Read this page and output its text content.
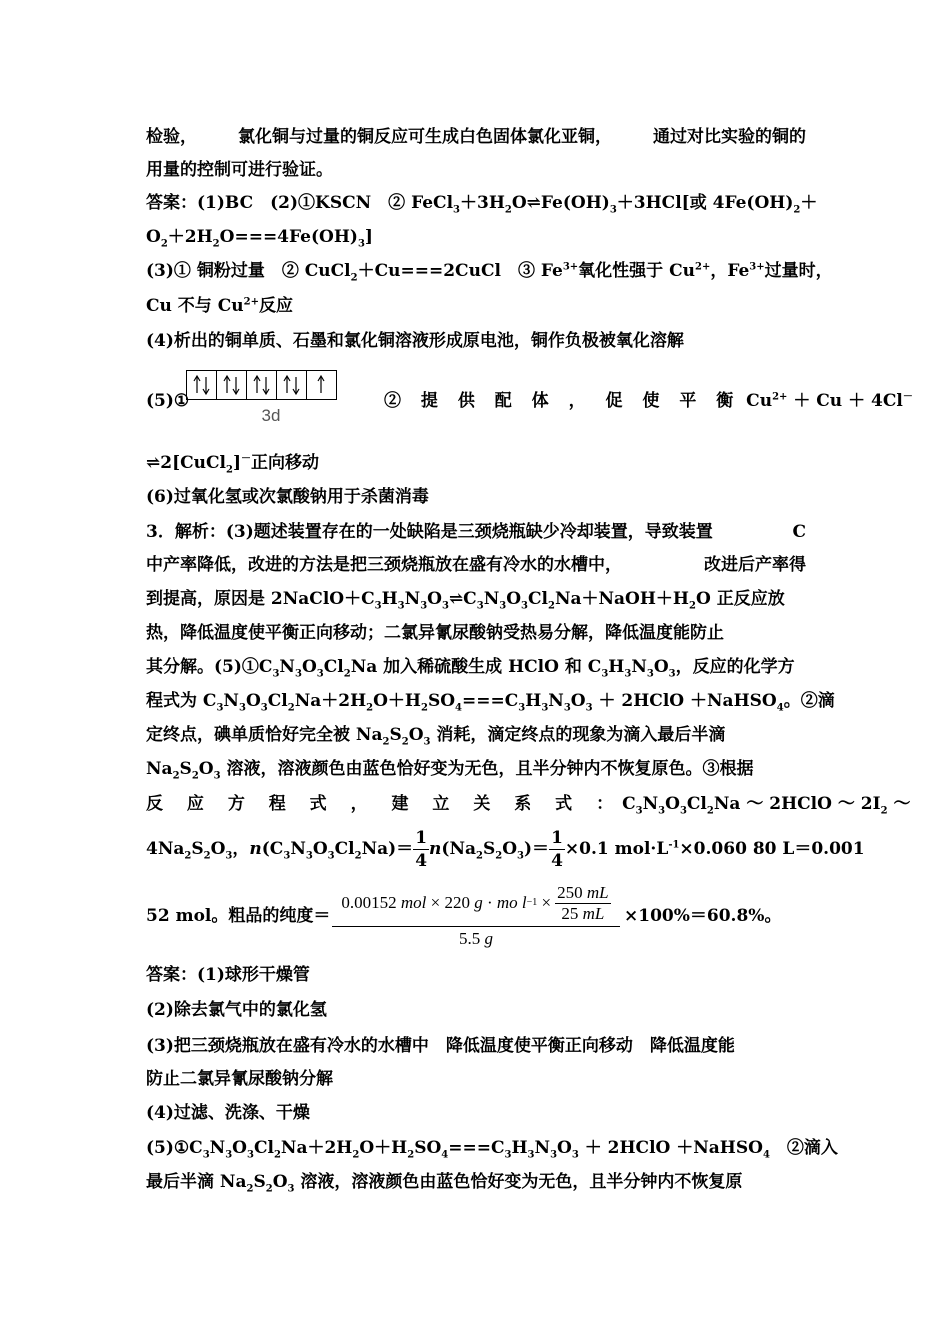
检验， 氯化铜与过量的铜反应可生成白色固体氯化亚铜， 通过对比实验的铜的
用量的控制可进行验证。
答案：(1)BC　(2)①KSCN　② $FeCl_3+3H_2O\rightleftharpoons Fe(OH)_3+3HCl$[或 $4Fe(OH)_2+$
$O_2+2H_2O===4Fe(OH)_3$]
(3)① 铜粉过量　② CuCl$_2$＋Cu===2CuCl　③ $Fe^{3+}$氧化性强于 $Cu^{2+}$，$Fe^{3+}$过量时，
Cu 不与 $Cu^{2+}$反应
(4)析出的铜单质、石墨和氯化铜溶液形成原电池，铜作负极被氧化溶解
(5)①
3d
② 提 供 配 体 ， 促 使 平 衡 $Cu^{2+} + Cu + 4Cl^-$
⇌2[CuCl$_2$]－正向移动
(6)过氧化氢或次氯酸钠用于杀菌消毒
3．解析：(3)题述装置存在的一处缺陷是三颈烧瓶缺少冷却装置，导致装置	C
中产率降低，改进的方法是把三颈烧瓶放在盛有冷水的水槽中，	改进后产率得
到提高，原因是 $2NaClO+C_3H_3N_3O_3\rightleftharpoons C_3N_3O_3Cl_2Na+NaOH+H_2O$ 正反应放
热，降低温度使平衡正向移动；二氯异氰尿酸钠受热易分解，降低温度能防止
其分解。$(5)①C_3N_3O_3Cl_2Na$ 加入稀硫酸生成 HClO 和 $C_3H_3N_3O_3$，反应的化学方
程式为 $C_3N_3O_3Cl_2Na+2H_2O+H_2SO_4===C_3H_3N_3O_3$ ＋ 2HClO ＋NaHSO$_4$。②滴
定终点，碘单质恰好完全被 $Na_2S_2O_3$ 消耗，滴定终点的现象为滴入最后半滴
$Na_2S_2O_3$ 溶液，溶液颜色由蓝色恰好变为无色，且半分钟内不恢复原色。③根据
反 应 方 程 式 ， 建 立 关 系 式 ： $C_3N_3O_3Cl_2Na$ ～ 2HClO ～ $2I_2$ ～
$4Na_2S_2O_3$，$n(C_3N_3O_3Cl_2Na)= \frac{1}{4} n(Na_2S_2O_3)= \frac{1}{4} \times 0.1$ $mol\cdot L^{-1}\times 0.060$ 80 L＝0.001
52 mol。粗品的纯度＝
0.00152 mol × 220 g · mo
$l -1 \times \frac{250 mL}{25 mL}$
5.5 g
×100%＝60.8%。
答案：(1)球形干燥管
(2)除去氯气中的氯化氢
(3)把三颈烧瓶放在盛有冷水的水槽中　降低温度使平衡正向移动　降低温度能
防止二氯异氰尿酸钠分解
(4)过滤、洗涤、干燥
$(5)①C_3N_3O_3Cl_2Na+2H_2O+H_2SO_4===C_3H_3N_3O_3$ ＋ 2HClO ＋NaHSO$_4$　②滴入
最后半滴 $Na_2S_2O_3$ 溶液，溶液颜色由蓝色恰好变为无色，且半分钟内不恢复原
